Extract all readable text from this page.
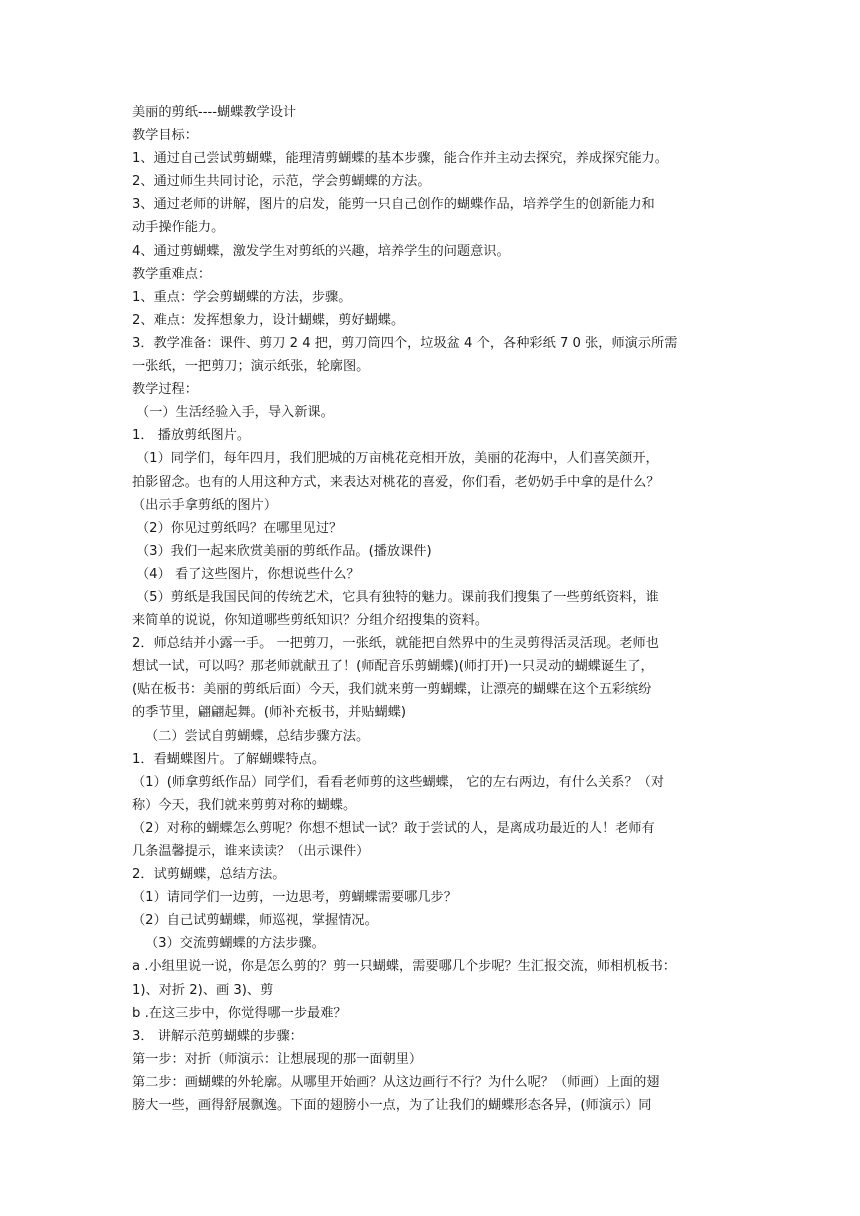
美丽的剪纸----蝴蝶教学设计
教学目标：
1、通过自己尝试剪蝴蝶，能理清剪蝴蝶的基本步骤，能合作并主动去探究，养成探究能力。
2、通过师生共同讨论，示范，学会剪蝴蝶的方法。
3、通过老师的讲解，图片的启发，能剪一只自己创作的蝴蝶作品，培养学生的创新能力和
动手操作能力。
4、通过剪蝴蝶，激发学生对剪纸的兴趣，培养学生的问题意识。
教学重难点：
1、重点：学会剪蝴蝶的方法，步骤。
2、难点：发挥想象力，设计蝴蝶，剪好蝴蝶。
3．教学准备：课件、剪刀 2 4 把，剪刀筒四个，垃圾盆 4 个，各种彩纸 7 0 张，师演示所需
一张纸，一把剪刀；演示纸张，轮廓图。
教学过程：
（一）生活经验入手，导入新课。
1． 播放剪纸图片。
（1）同学们，每年四月，我们肥城的万亩桃花竞相开放，美丽的花海中，人们喜笑颜开，
拍影留念。也有的人用这种方式，来表达对桃花的喜爱，你们看，老奶奶手中拿的是什么？
（出示手拿剪纸的图片）
（2）你见过剪纸吗？在哪里见过？
（3）我们一起来欣赏美丽的剪纸作品。(播放课件)
（4） 看了这些图片，你想说些什么？
（5）剪纸是我国民间的传统艺术，它具有独特的魅力。课前我们搜集了一些剪纸资料，谁
来简单的说说，你知道哪些剪纸知识？分组介绍搜集的资料。
2．师总结并小露一手。 一把剪刀，一张纸，就能把自然界中的生灵剪得活灵活现。老师也
想试一试，可以吗？那老师就献丑了！(师配音乐剪蝴蝶)(师打开)一只灵动的蝴蝶诞生了，
(贴在板书：美丽的剪纸后面）今天，我们就来剪一剪蝴蝶，让漂亮的蝴蝶在这个五彩缤纷
的季节里，翩翩起舞。(师补充板书，并贴蝴蝶)
（二）尝试自剪蝴蝶，总结步骤方法。
1．看蝴蝶图片。了解蝴蝶特点。
（1）(师拿剪纸作品）同学们，看看老师剪的这些蝴蝶， 它的左右两边，有什么关系？（对
称）今天，我们就来剪剪对称的蝴蝶。
（2）对称的蝴蝶怎么剪呢？你想不想试一试？敢于尝试的人，是离成功最近的人！老师有
几条温馨提示，谁来读读？（出示课件）
2．试剪蝴蝶，总结方法。
（1）请同学们一边剪，一边思考，剪蝴蝶需要哪几步？
（2）自己试剪蝴蝶，师巡视，掌握情况。
（3）交流剪蝴蝶的方法步骤。
a .小组里说一说，你是怎么剪的？剪一只蝴蝶，需要哪几个步呢？生汇报交流，师相机板书：
1)、对折 2)、画 3)、剪
b .在这三步中，你觉得哪一步最难？
3． 讲解示范剪蝴蝶的步骤：
第一步：对折（师演示：让想展现的那一面朝里）
第二步：画蝴蝶的外轮廓。从哪里开始画？从这边画行不行？为什么呢？（师画）上面的翅
膀大一些，画得舒展飘逸。下面的翅膀小一点，为了让我们的蝴蝶形态各异，(师演示）同
